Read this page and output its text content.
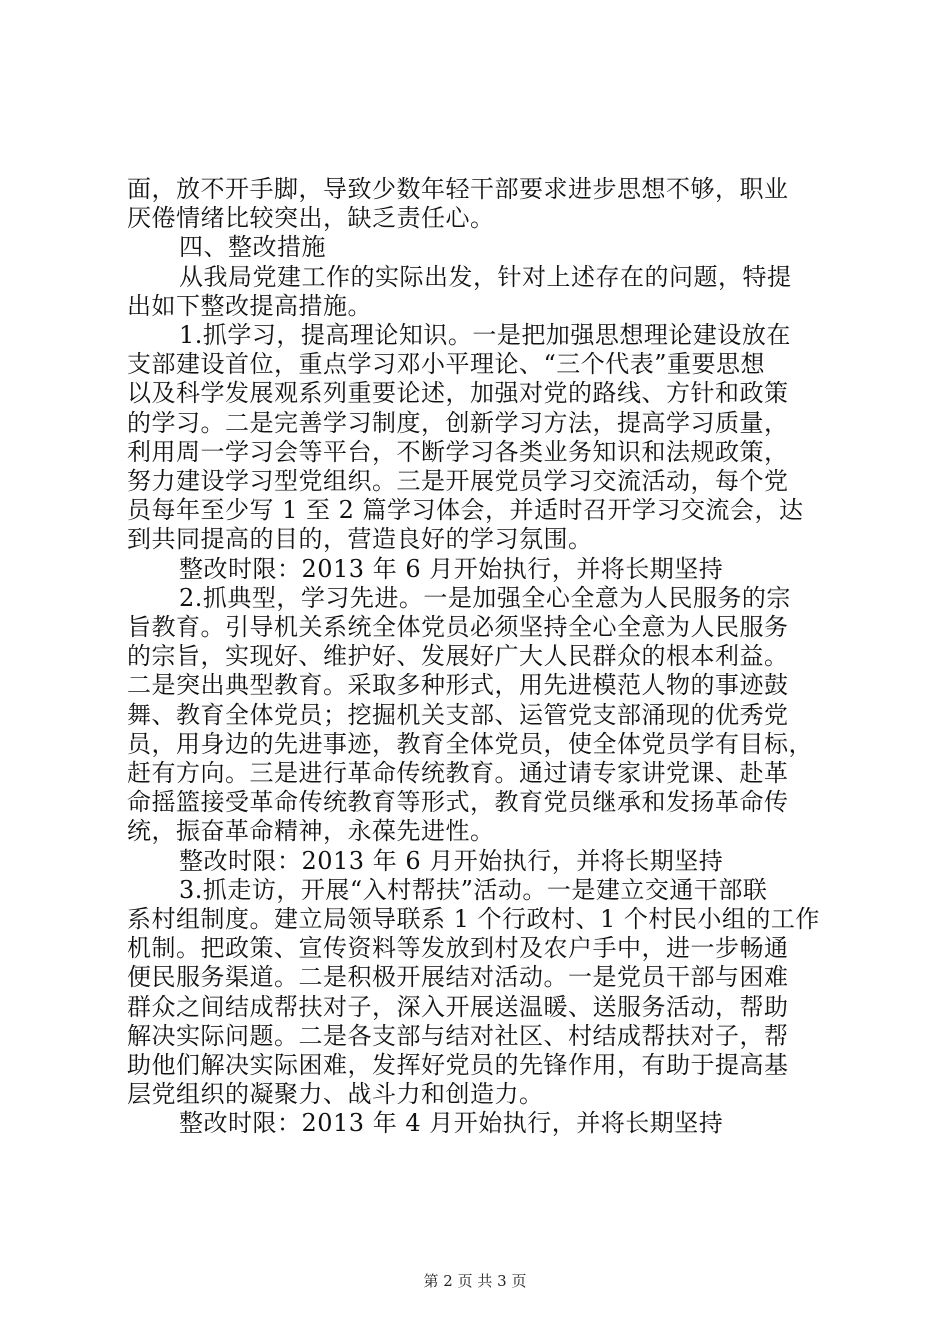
面，放不开手脚，导致少数年轻干部要求进步思想不够，职业
厌倦情绪比较突出，缺乏责任心。
四、整改措施
从我局党建工作的实际出发，针对上述存在的问题，特提
出如下整改提高措施。
1.抓学习，提高理论知识。一是把加强思想理论建设放在
支部建设首位，重点学习邓小平理论、“三个代表”重要思想
以及科学发展观系列重要论述，加强对党的路线、方针和政策
的学习。二是完善学习制度，创新学习方法，提高学习质量，
利用周一学习会等平台，不断学习各类业务知识和法规政策，
努力建设学习型党组织。三是开展党员学习交流活动，每个党
员每年至少写 1 至 2 篇学习体会，并适时召开学习交流会，达
到共同提高的目的，营造良好的学习氛围。
整改时限：2013 年 6 月开始执行，并将长期坚持
2.抓典型，学习先进。一是加强全心全意为人民服务的宗
旨教育。引导机关系统全体党员必须坚持全心全意为人民服务
的宗旨，实现好、维护好、发展好广大人民群众的根本利益。
二是突出典型教育。采取多种形式，用先进模范人物的事迹鼓
舞、教育全体党员；挖掘机关支部、运管党支部涌现的优秀党
员，用身边的先进事迹，教育全体党员，使全体党员学有目标，
赶有方向。三是进行革命传统教育。通过请专家讲党课、赴革
命摇篮接受革命传统教育等形式，教育党员继承和发扬革命传
统，振奋革命精神，永葆先进性。
整改时限：2013 年 6 月开始执行，并将长期坚持
3.抓走访，开展“入村帮扶”活动。一是建立交通干部联
系村组制度。建立局领导联系 1 个行政村、1 个村民小组的工作
机制。把政策、宣传资料等发放到村及农户手中，进一步畅通
便民服务渠道。二是积极开展结对活动。一是党员干部与困难
群众之间结成帮扶对子，深入开展送温暖、送服务活动，帮助
解决实际问题。二是各支部与结对社区、村结成帮扶对子，帮
助他们解决实际困难，发挥好党员的先锋作用，有助于提高基
层党组织的凝聚力、战斗力和创造力。
整改时限：2013 年 4 月开始执行，并将长期坚持
第 2 页 共 3 页
